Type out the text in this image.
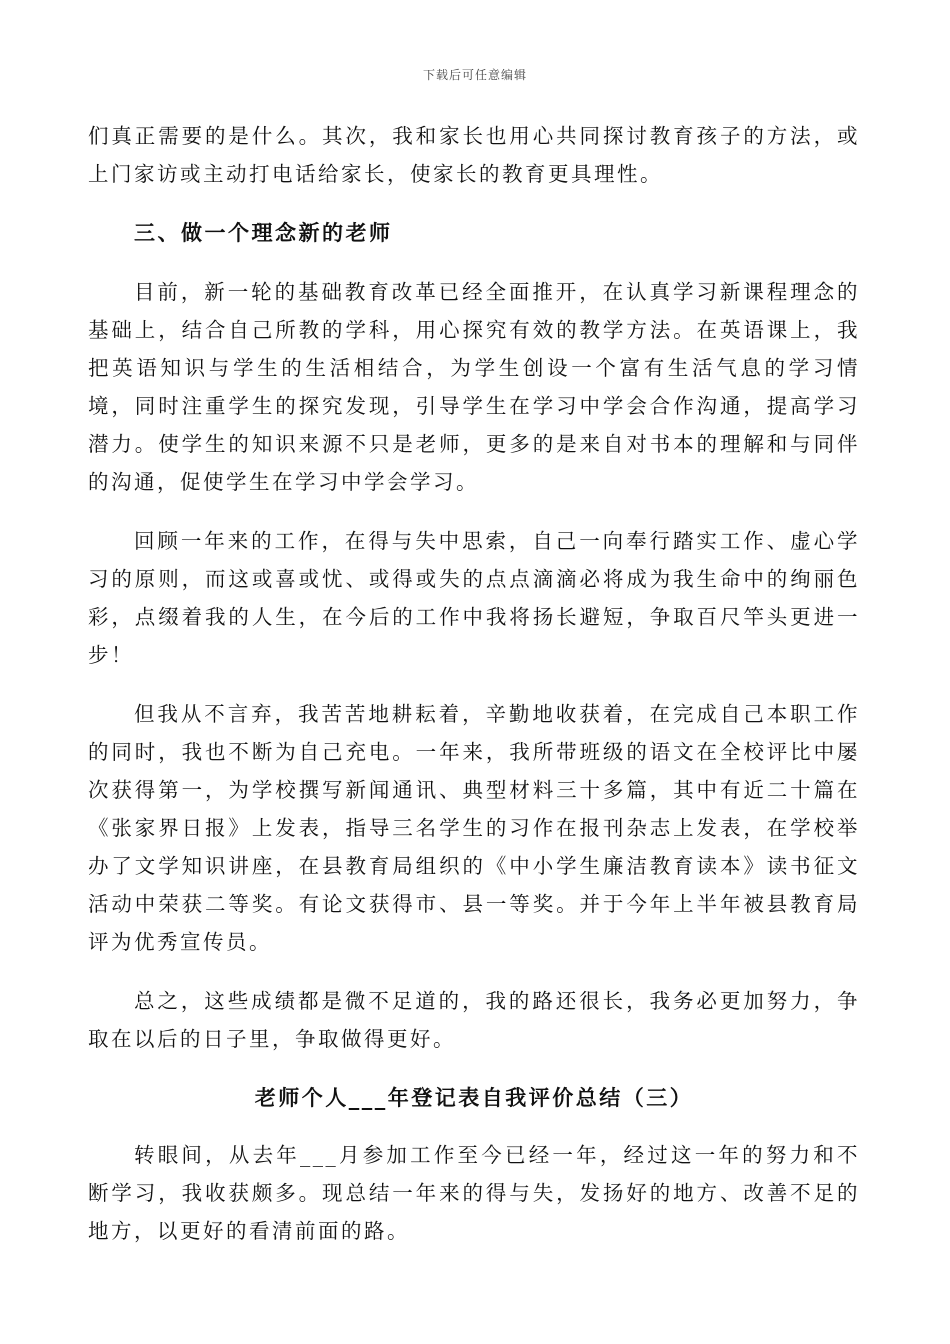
下载后可任意编辑

们真正需要的是什么。其次，我和家长也用心共同探讨教育孩子的方法，或上门家访或主动打电话给家长，使家长的教育更具理性。

三、做一个理念新的老师

目前，新一轮的基础教育改革已经全面推开，在认真学习新课程理念的基础上，结合自己所教的学科，用心探究有效的教学方法。在英语课上，我把英语知识与学生的生活相结合，为学生创设一个富有生活气息的学习情境，同时注重学生的探究发现，引导学生在学习中学会合作沟通，提高学习潜力。使学生的知识来源不只是老师，更多的是来自对书本的理解和与同伴的沟通，促使学生在学习中学会学习。

回顾一年来的工作，在得与失中思索，自己一向奉行踏实工作、虚心学习的原则，而这或喜或忧、或得或失的点点滴滴必将成为我生命中的绚丽色彩，点缀着我的人生，在今后的工作中我将扬长避短，争取百尺竿头更进一步！

但我从不言弃，我苦苦地耕耘着，辛勤地收获着，在完成自己本职工作的同时，我也不断为自己充电。一年来，我所带班级的语文在全校评比中屡次获得第一，为学校撰写新闻通讯、典型材料三十多篇，其中有近二十篇在《张家界日报》上发表，指导三名学生的习作在报刊杂志上发表，在学校举办了文学知识讲座，在县教育局组织的《中小学生廉洁教育读本》读书征文活动中荣获二等奖。有论文获得市、县一等奖。并于今年上半年被县教育局评为优秀宣传员。

总之，这些成绩都是微不足道的，我的路还很长，我务必更加努力，争取在以后的日子里，争取做得更好。

老师个人___年登记表自我评价总结（三）

转眼间，从去年___月参加工作至今已经一年，经过这一年的努力和不断学习，我收获颇多。现总结一年来的得与失，发扬好的地方、改善不足的地方，以更好的看清前面的路。
